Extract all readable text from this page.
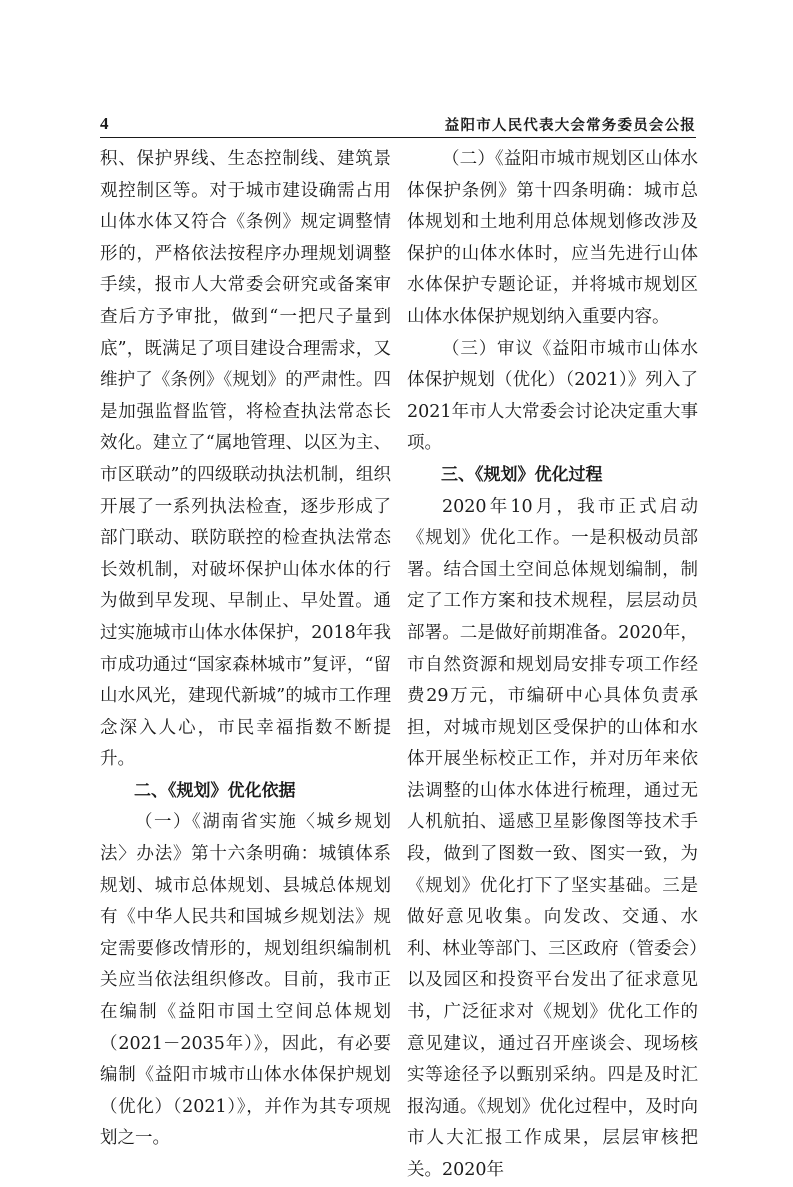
4	益阳市人民代表大会常务委员会公报

积、保护界线、生态控制线、建筑景观控制区等。对于城市建设确需占用山体水体又符合《条例》规定调整情形的，严格依法按程序办理规划调整手续，报市人大常委会研究或备案审查后方予审批，做到“一把尺子量到底”，既满足了项目建设合理需求，又维护了《条例》《规划》的严肃性。四是加强监督监管，将检查执法常态长效化。建立了“属地管理、以区为主、市区联动”的四级联动执法机制，组织开展了一系列执法检查，逐步形成了部门联动、联防联控的检查执法常态长效机制，对破坏保护山体水体的行为做到早发现、早制止、早处置。通过实施城市山体水体保护，2018年我市成功通过“国家森林城市”复评，“留山水风光，建现代新城”的城市工作理念深入人心，市民幸福指数不断提升。

二、《规划》优化依据

（一）《湖南省实施〈城乡规划法〉办法》第十六条明确：城镇体系规划、城市总体规划、县城总体规划有《中华人民共和国城乡规划法》规定需要修改情形的，规划组织编制机关应当依法组织修改。目前，我市正在编制《益阳市国土空间总体规划（2021－2035年）》，因此，有必要编制《益阳市城市山体水体保护规划（优化）（2021）》，并作为其专项规划之一。

（二）《益阳市城市规划区山体水体保护条例》第十四条明确：城市总体规划和土地利用总体规划修改涉及保护的山体水体时，应当先进行山体水体保护专题论证，并将城市规划区山体水体保护规划纳入重要内容。

（三）审议《益阳市城市山体水体保护规划（优化）（2021）》列入了2021年市人大常委会讨论决定重大事项。

三、《规划》优化过程

2020年10月，我市正式启动《规划》优化工作。一是积极动员部署。结合国土空间总体规划编制，制定了工作方案和技术规程，层层动员部署。二是做好前期准备。2020年，市自然资源和规划局安排专项工作经费29万元，市编研中心具体负责承担，对城市规划区受保护的山体和水体开展坐标校正工作，并对历年来依法调整的山体水体进行梳理，通过无人机航拍、遥感卫星影像图等技术手段，做到了图数一致、图实一致，为《规划》优化打下了坚实基础。三是做好意见收集。向发改、交通、水利、林业等部门、三区政府（管委会）以及园区和投资平台发出了征求意见书，广泛征求对《规划》优化工作的意见建议，通过召开座谈会、现场核实等途径予以甄别采纳。四是及时汇报沟通。《规划》优化过程中，及时向市人大汇报工作成果，层层审核把关。2020年
